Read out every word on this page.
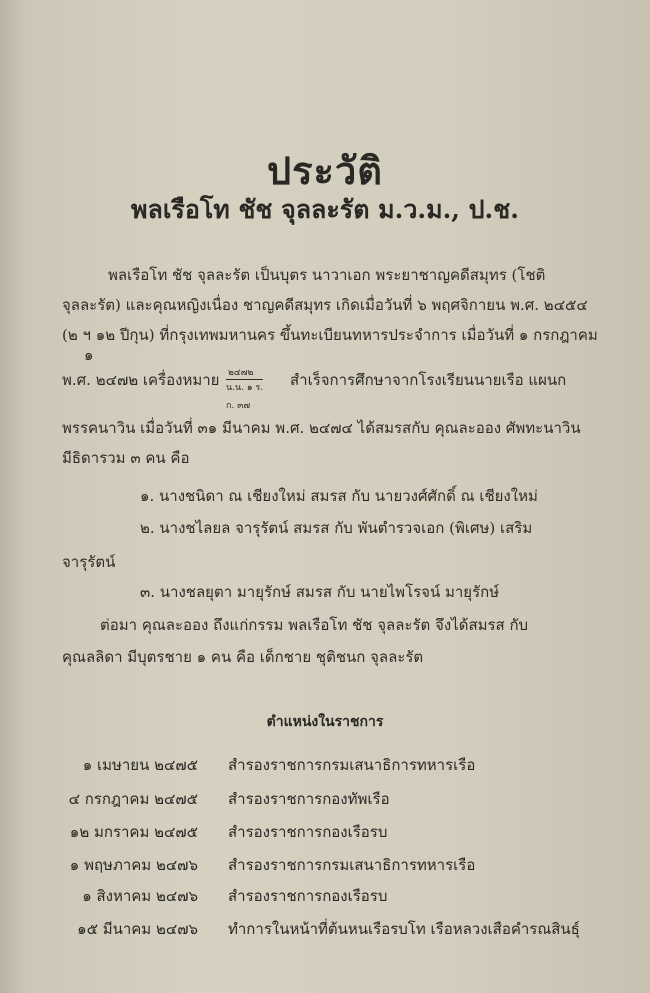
ประวัติ
พลเรือโท ชัช จุลละรัต ม.ว.ม., ป.ช.
พลเรือโท ชัช จุลละรัต เป็นบุตร นาวาเอก พระยาชาญคดีสมุทร (โชติ
จุลละรัต) และคุณหญิงเนื่อง ชาญคดีสมุทร เกิดเมื่อวันที่ ๖ พฤศจิกายน พ.ศ. ๒๔๕๔
(๒ ฯ ๑๒ ปีกุน) ที่กรุงเทพมหานคร ขึ้นทะเบียนทหารประจำการ เมื่อวันที่ ๑ กรกฎาคม
๑
พ.ศ. ๒๔๗๒ เครื่องหมาย ๒๔๗๒
น.น. ๑ ร.
ก. ๓๗
สำเร็จการศึกษาจากโรงเรียนนายเรือ แผนก
พรรคนาวิน เมื่อวันที่ ๓๑ มีนาคม พ.ศ. ๒๔๗๔ ได้สมรสกับ คุณละออง ศัพทะนาวิน
มีธิดารวม ๓ คน คือ
๑. นางชนิดา ณ เชียงใหม่ สมรส กับ นายวงศ์ศักดิ์ ณ เชียงใหม่
๒. นางชไลยล จารุรัตน์ สมรส กับ พันตำรวจเอก (พิเศษ) เสริม
จารุรัตน์
๓. นางชลยุตา มายุรักษ์ สมรส กับ นายไพโรจน์ มายุรักษ์
ต่อมา คุณละออง ถึงแก่กรรม พลเรือโท ชัช จุลละรัต จึงได้สมรส กับ
คุณลลิดา มีบุตรชาย ๑ คน คือ เด็กชาย ชุติชนก จุลละรัต
ตำแหน่งในราชการ
๑ เมษายน ๒๔๗๕ สำรองราชการกรมเสนาธิการทหารเรือ
๔ กรกฎาคม ๒๔๗๕ สำรองราชการกองทัพเรือ
๑๒ มกราคม ๒๔๗๕ สำรองราชการกองเรือรบ
๑ พฤษภาคม ๒๔๗๖ สำรองราชการกรมเสนาธิการทหารเรือ
๑ สิงหาคม ๒๔๗๖ สำรองราชการกองเรือรบ
๑๕ มีนาคม ๒๔๗๖ ทำการในหน้าที่ต้นหนเรือรบโท เรือหลวงเสือคำรณสินธุ์
